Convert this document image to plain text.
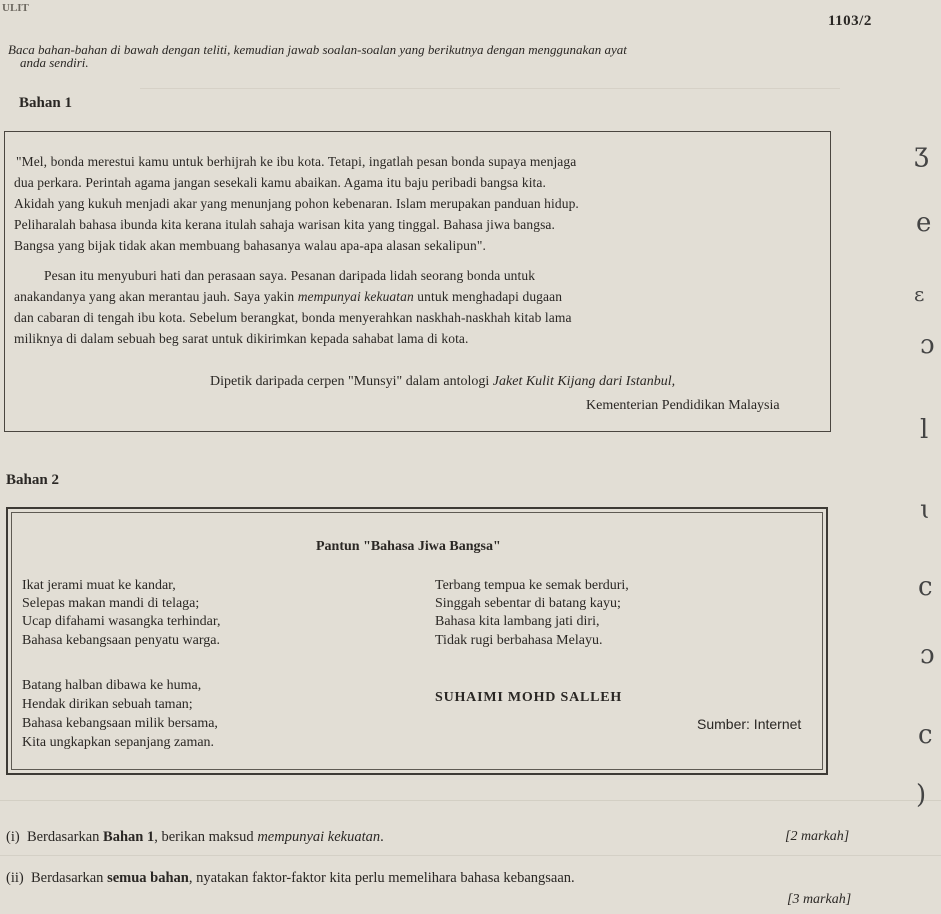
ULIT
1103/2
Baca bahan-bahan di bawah dengan teliti, kemudian jawab soalan-soalan yang berikutnya dengan menggunakan ayat
anda sendiri.
Bahan 1
"Mel, bonda merestui kamu untuk berhijrah ke ibu kota. Tetapi, ingatlah pesan bonda supaya menjaga
dua perkara. Perintah agama jangan sesekali kamu abaikan. Agama itu baju peribadi bangsa kita.
Akidah yang kukuh menjadi akar yang menunjang pohon kebenaran. Islam merupakan panduan hidup.
Peliharalah bahasa ibunda kita kerana itulah sahaja warisan kita yang tinggal. Bahasa jiwa bangsa.
Bangsa yang bijak tidak akan membuang bahasanya walau apa-apa alasan sekalipun".
Pesan itu menyuburi hati dan perasaan saya. Pesanan daripada lidah seorang bonda untuk
anakandanya yang akan merantau jauh. Saya yakin mempunyai kekuatan untuk menghadapi dugaan
dan cabaran di tengah ibu kota. Sebelum berangkat, bonda menyerahkan naskhah-naskhah kitab lama
miliknya di dalam sebuah beg sarat untuk dikirimkan kepada sahabat lama di kota.
Dipetik daripada cerpen "Munsyi" dalam antologi Jaket Kulit Kijang dari Istanbul,
Kementerian Pendidikan Malaysia
Bahan 2
Pantun "Bahasa Jiwa Bangsa"
Ikat jerami muat ke kandar,
Selepas makan mandi di telaga;
Ucap difahami wasangka terhindar,
Bahasa kebangsaan penyatu warga.
Terbang tempua ke semak berduri,
Singgah sebentar di batang kayu;
Bahasa kita lambang jati diri,
Tidak rugi berbahasa Melayu.
Batang halban dibawa ke huma,
Hendak dirikan sebuah taman;
Bahasa kebangsaan milik bersama,
Kita ungkapkan sepanjang zaman.
SUHAIMI MOHD SALLEH
Sumber: Internet
(i) Berdasarkan Bahan 1, berikan maksud mempunyai kekuatan.	[2 markah]
(ii) Berdasarkan semua bahan, nyatakan faktor-faktor kita perlu memelihara bahasa kebangsaan.
[3 markah]
ʒ
e
ɛ
ɔ
l
ɩ
c
ɔ
c
)
